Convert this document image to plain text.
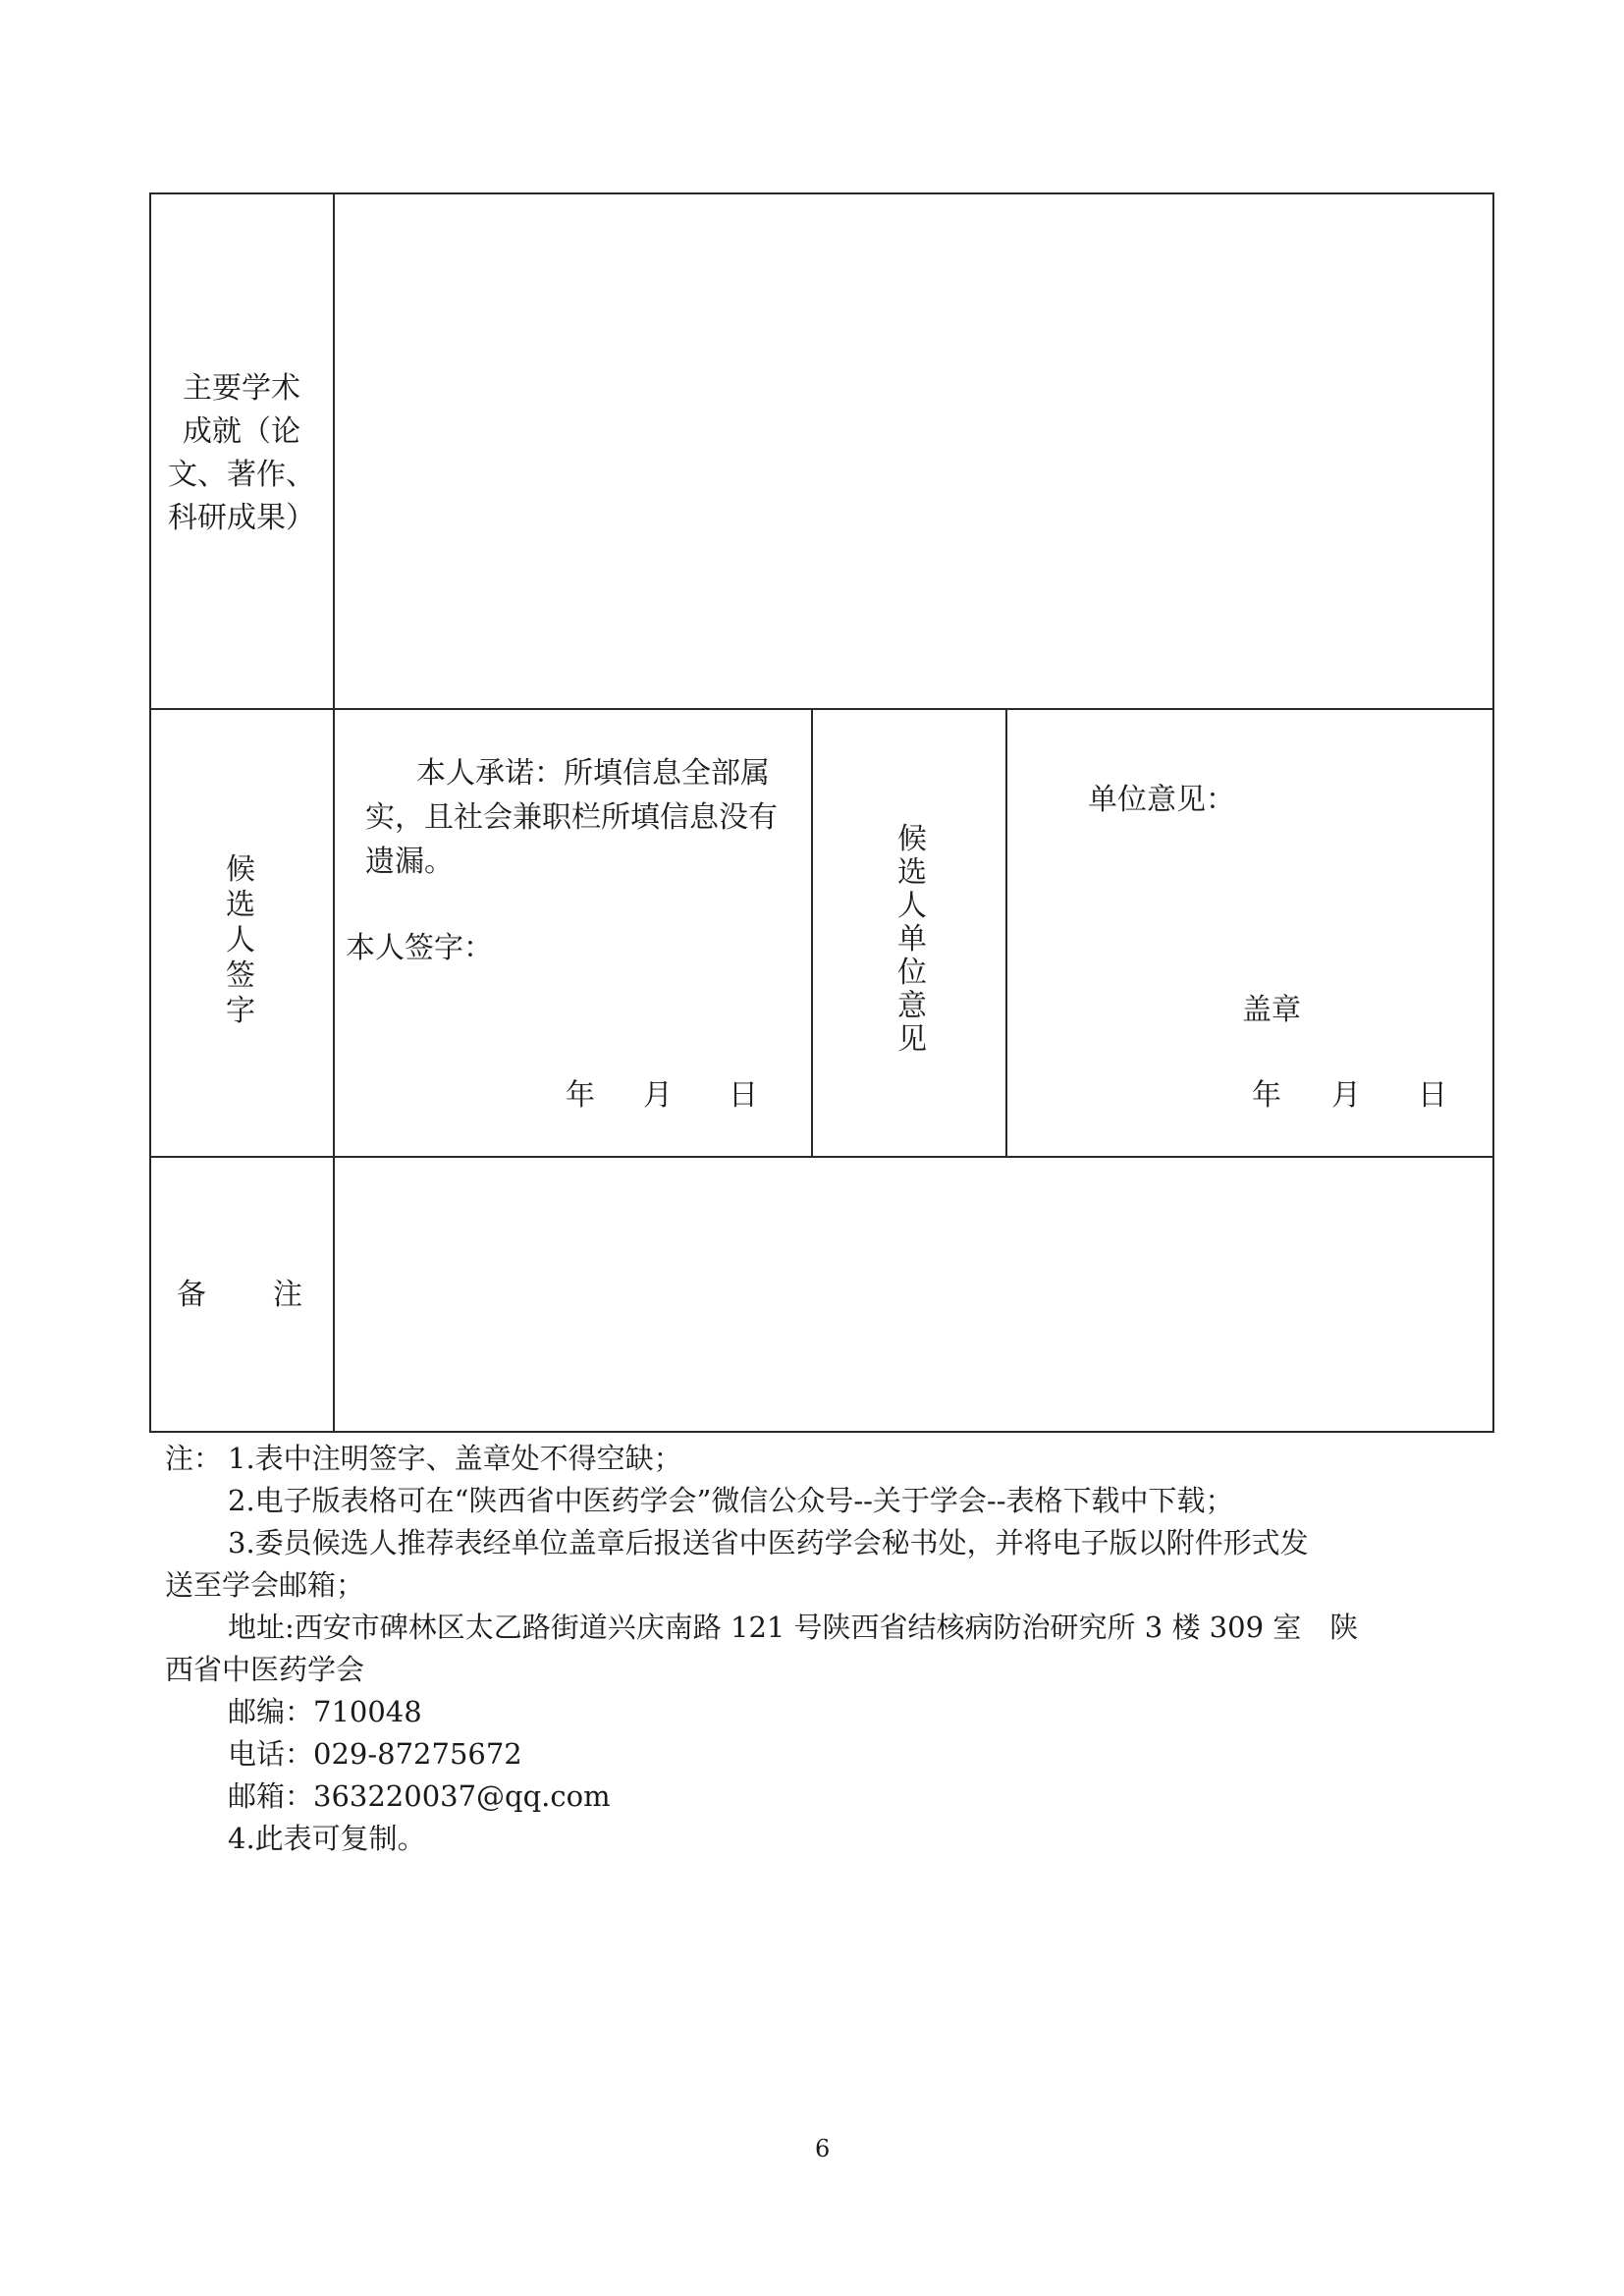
主要学术
成就（论
文、著作、
科研成果）
候选人签字
本人承诺：所填信息全部属
实，且社会兼职栏所填信息没有
遗漏。
本人签字：
年 月 日
候选人单位意见
单位意见：
盖章
年 月 日
备 注
注： 1.表中注明签字、盖章处不得空缺；
2.电子版表格可在“陕西省中医药学会”微信公众号--关于学会--表格下载中下载；
3.委员候选人推荐表经单位盖章后报送省中医药学会秘书处，并将电子版以附件形式发
送至学会邮箱；
地址:西安市碑林区太乙路街道兴庆南路 121 号陕西省结核病防治研究所 3 楼 309 室　陕
西省中医药学会
邮编：710048
电话：029-87275672
邮箱：363220037@qq.com
4.此表可复制。
6
